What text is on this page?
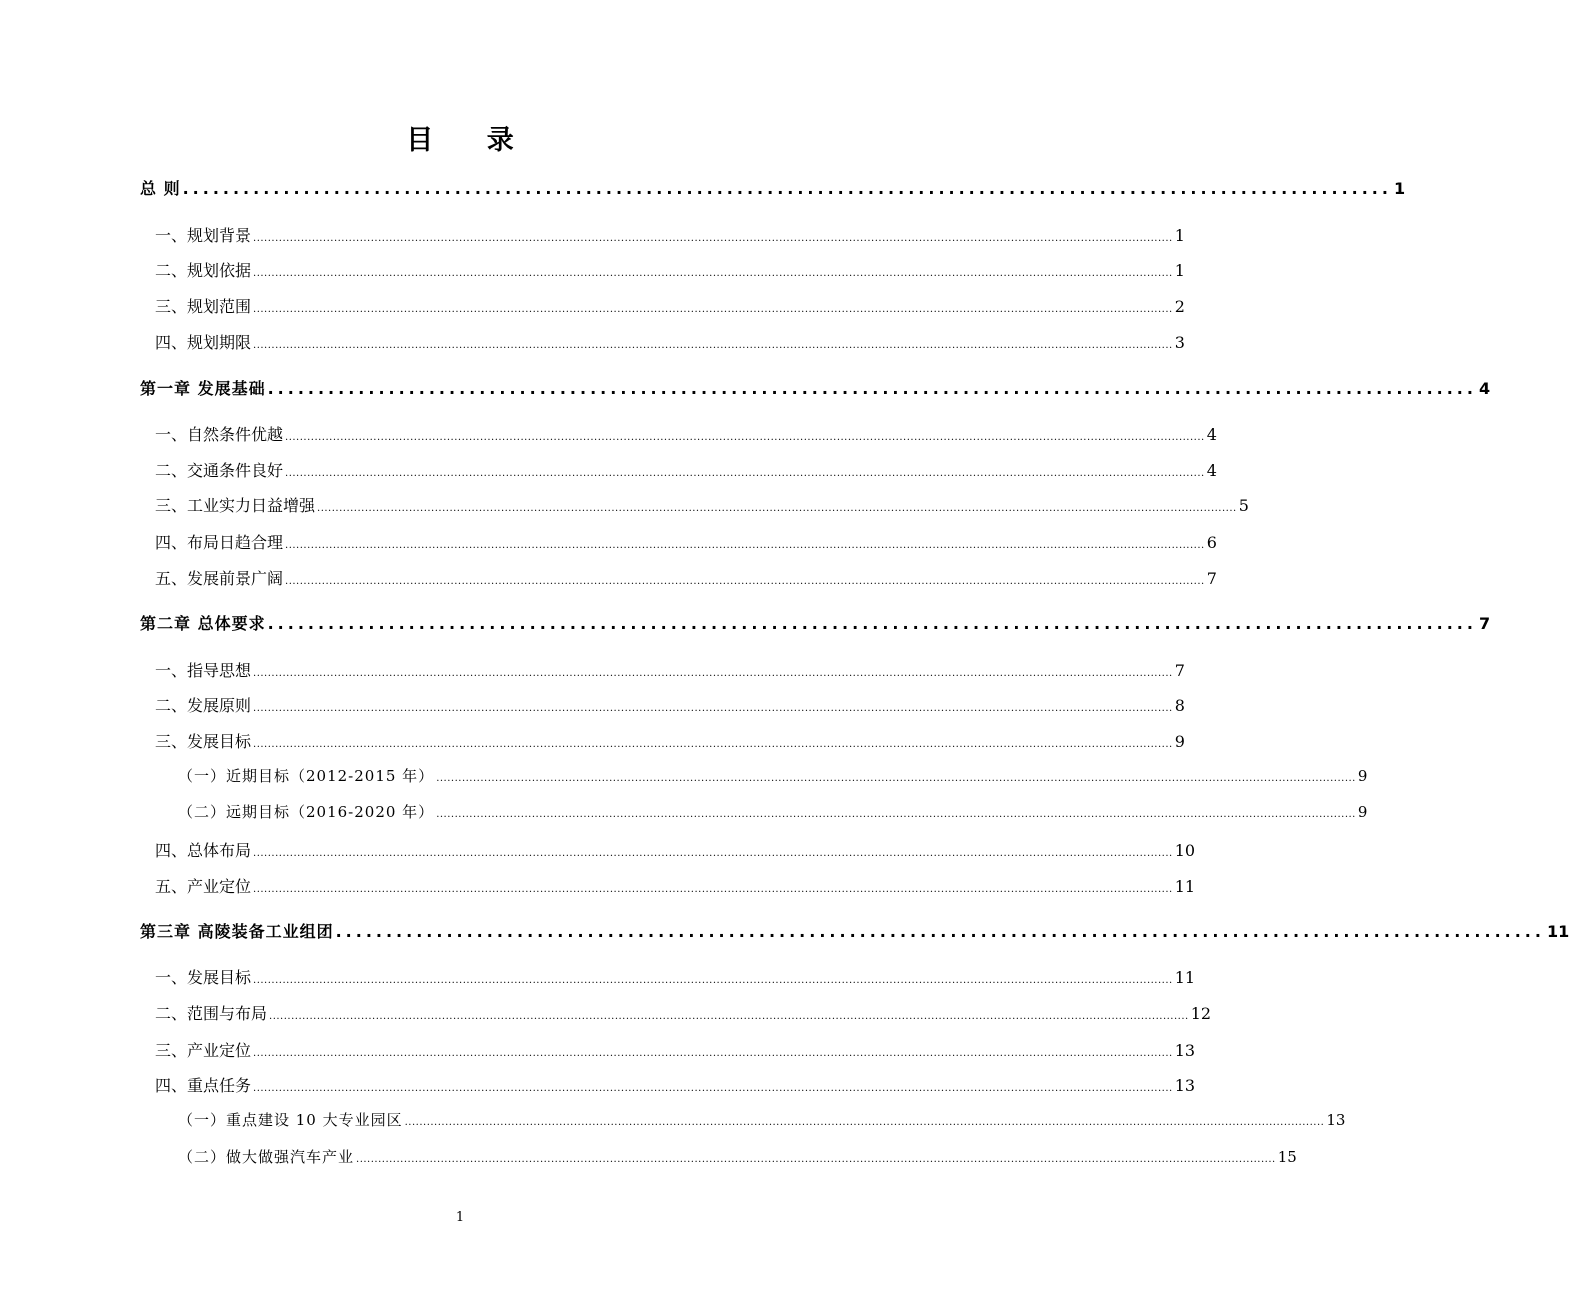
目 录
总 则 ........................................................................................................................ 1
一、规划背景 .......................................................................................................................................................................................................................................................... 1
二、规划依据 .......................................................................................................................................................................................................................................................... 1
三、规划范围 .......................................................................................................................................................................................................................................................... 2
四、规划期限 .......................................................................................................................................................................................................................................................... 3
第一章 发展基础 ........................................................................................................................ 4
一、自然条件优越 .......................................................................................................................................................................................................................................................... 4
二、交通条件良好 .......................................................................................................................................................................................................................................................... 4
三、工业实力日益增强 .......................................................................................................................................................................................................................................................... 5
四、布局日趋合理 .......................................................................................................................................................................................................................................................... 6
五、发展前景广阔 .......................................................................................................................................................................................................................................................... 7
第二章 总体要求 ........................................................................................................................ 7
一、指导思想 .......................................................................................................................................................................................................................................................... 7
二、发展原则 .......................................................................................................................................................................................................................................................... 8
三、发展目标 .......................................................................................................................................................................................................................................................... 9
（一）近期目标（2012-2015 年） .......................................................................................................................................................................................................................................................... 9
（二）远期目标（2016-2020 年） .......................................................................................................................................................................................................................................................... 9
四、总体布局 .......................................................................................................................................................................................................................................................... 10
五、产业定位 .......................................................................................................................................................................................................................................................... 11
第三章 高陵装备工业组团 ........................................................................................................................ 11
一、发展目标 .......................................................................................................................................................................................................................................................... 11
二、范围与布局 .......................................................................................................................................................................................................................................................... 12
三、产业定位 .......................................................................................................................................................................................................................................................... 13
四、重点任务 .......................................................................................................................................................................................................................................................... 13
（一）重点建设 10 大专业园区 .......................................................................................................................................................................................................................................................... 13
（二）做大做强汽车产业 .......................................................................................................................................................................................................................................................... 15
1
